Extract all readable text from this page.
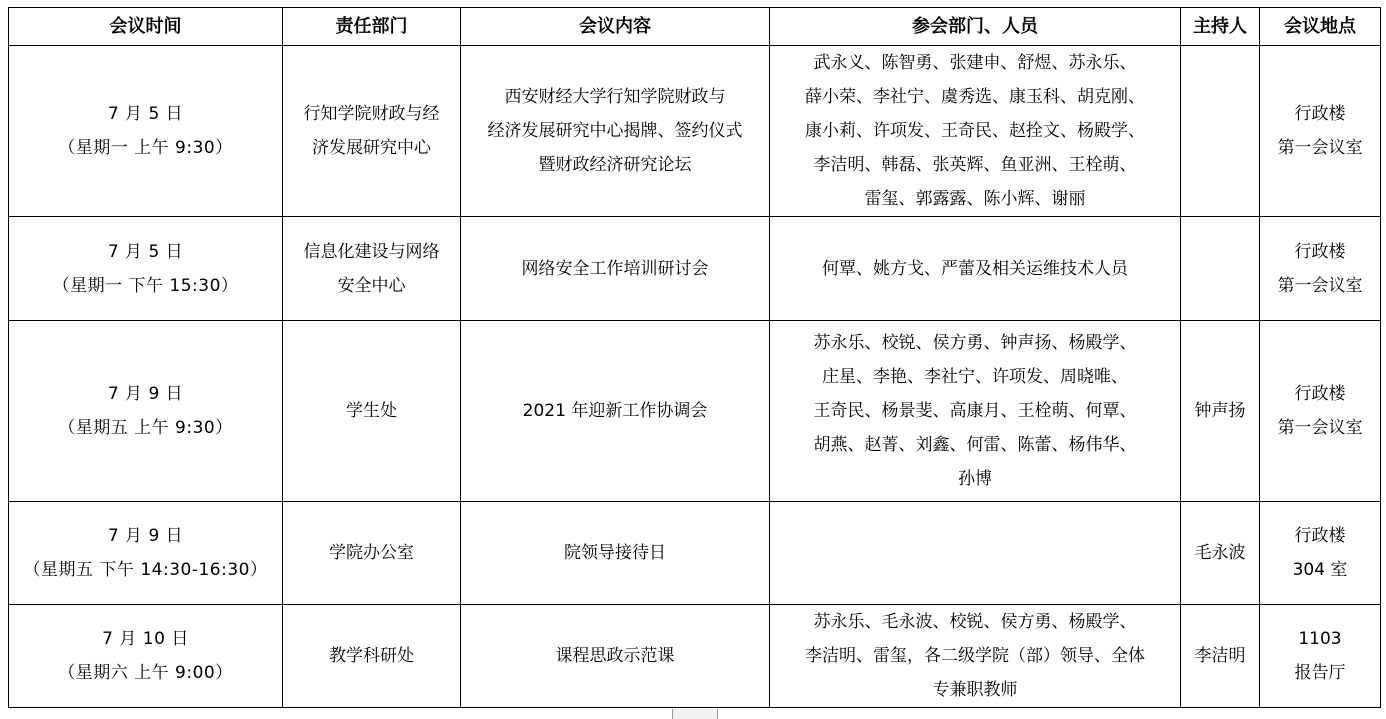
会议时间	责任部门	会议内容	参会部门、人员	主持人	会议地点

7 月 5 日
（星期一 上午 9:30）	行知学院财政与经
济发展研究中心	西安财经大学行知学院财政与
经济发展研究中心揭牌、签约仪式
暨财政经济研究论坛	武永义、陈智勇、张建申、舒煜、苏永乐、
薛小荣、李社宁、虞秀选、康玉科、胡克刚、
康小莉、许项发、王奇民、赵拴文、杨殿学、
李洁明、韩磊、张英辉、鱼亚洲、王栓萌、
雷玺、郭露露、陈小辉、谢丽		行政楼
第一会议室

7 月 5 日
（星期一 下午 15:30）	信息化建设与网络
安全中心	网络安全工作培训研讨会	何覃、姚方戈、严蕾及相关运维技术人员		行政楼
第一会议室

7 月 9 日
（星期五 上午 9:30）	学生处	2021 年迎新工作协调会	苏永乐、校锐、侯方勇、钟声扬、杨殿学、
庄星、李艳、李社宁、许项发、周晓唯、
王奇民、杨景斐、高康月、王栓萌、何覃、
胡燕、赵菁、刘鑫、何雷、陈蕾、杨伟华、
孙博	钟声扬	行政楼
第一会议室

7 月 9 日
（星期五 下午 14:30-16:30）	学院办公室	院领导接待日		毛永波	行政楼
304 室

7 月 10 日
（星期六 上午 9:00）	教学科研处	课程思政示范课	苏永乐、毛永波、校锐、侯方勇、杨殿学、
李洁明、雷玺，各二级学院（部）领导、全体
专兼职教师	李洁明	1103
报告厅
